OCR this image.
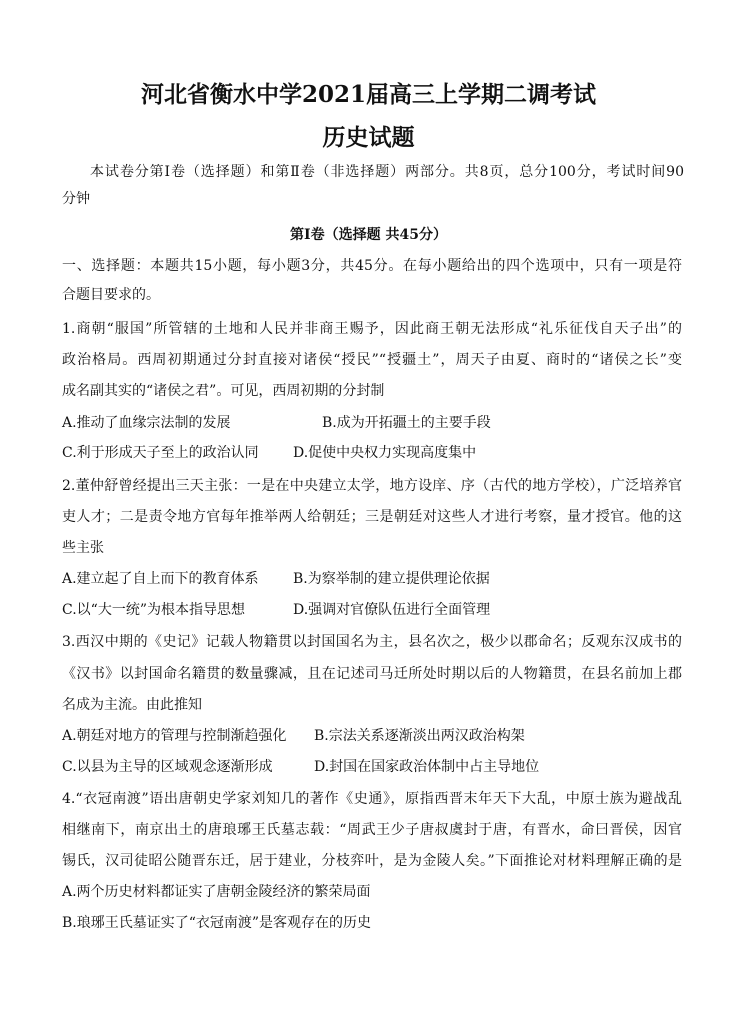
河北省衡水中学2021届高三上学期二调考试
历史试题
本试卷分第Ⅰ卷（选择题）和第Ⅱ卷（非选择题）两部分。共8页，总分100分，考试时间90
分钟
第Ⅰ卷（选择题 共45分）
一、选择题：本题共15小题，每小题3分，共45分。在每小题给出的四个选项中，只有一项是符
合题目要求的。
1.商朝“服国”所管辖的土地和人民并非商王赐予，因此商王朝无法形成“礼乐征伐自天子出”的
政治格局。西周初期通过分封直接对诸侯“授民”“授疆土”，周天子由夏、商时的“诸侯之长”变
成名副其实的“诸侯之君”。可见，西周初期的分封制
A.推动了血缘宗法制的发展	B.成为开拓疆土的主要手段
C.利于形成天子至上的政治认同 D.促使中央权力实现高度集中
2.董仲舒曾经提出三天主张：一是在中央建立太学，地方设庠、序（古代的地方学校），广泛培养官
吏人才；二是责令地方官每年推举两人给朝廷；三是朝廷对这些人才进行考察，量才授官。他的这
些主张
A.建立起了自上而下的教育体系 B.为察举制的建立提供理论依据
C.以“大一统”为根本指导思想	D.强调对官僚队伍进行全面管理
3.西汉中期的《史记》记载人物籍贯以封国国名为主，县名次之，极少以郡命名；反观东汉成书的
《汉书》以封国命名籍贯的数量骤减，且在记述司马迁所处时期以后的人物籍贯，在县名前加上郡
名成为主流。由此推知
A.朝廷对地方的管理与控制渐趋强化 B.宗法关系逐渐淡出两汉政治构架
C.以县为主导的区域观念逐渐形成	D.封国在国家政治体制中占主导地位
4.“衣冠南渡”语出唐朝史学家刘知几的著作《史通》，原指西晋末年天下大乱，中原士族为避战乱
相继南下，南京出土的唐琅琊王氏墓志载：“周武王少子唐叔虞封于唐，有晋水，命曰晋侯，因官
锡氏，汉司徒昭公随晋东迁，居于建业，分枝弈叶，是为金陵人矣。”下面推论对材料理解正确的是
A.两个历史材料都证实了唐朝金陵经济的繁荣局面
B.琅琊王氏墓证实了“衣冠南渡”是客观存在的历史
